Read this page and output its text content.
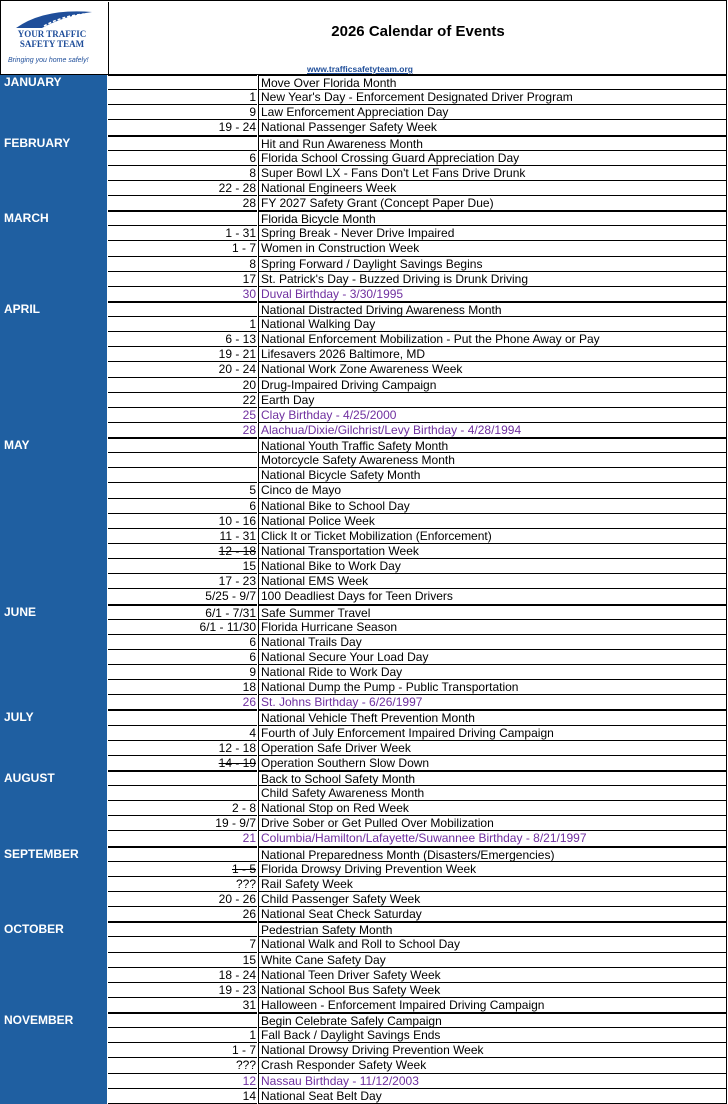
YOUR TRAFFIC SAFETY TEAM
Bringing you home safely!
2026 Calendar of Events
www.trafficsafetyteam.org
JANUARY	Move Over Florida Month
1 New Year's Day - Enforcement Designated Driver Program
9 Law Enforcement Appreciation Day
19 - 24 National Passenger Safety Week
FEBRUARY	Hit and Run Awareness Month
6 Florida School Crossing Guard Appreciation Day
8 Super Bowl LX - Fans Don't Let Fans Drive Drunk
22 - 28 National Engineers Week
28 FY 2027 Safety Grant (Concept Paper Due)
MARCH	Florida Bicycle Month
1 - 31 Spring Break - Never Drive Impaired
1 - 7 Women in Construction Week
8 Spring Forward / Daylight Savings Begins
17 St. Patrick's Day - Buzzed Driving is Drunk Driving
30 Duval Birthday - 3/30/1995
APRIL	National Distracted Driving Awareness Month
1 National Walking Day
6 - 13 National Enforcement Mobilization - Put the Phone Away or Pay
19 - 21 Lifesavers 2026 Baltimore, MD
20 - 24 National Work Zone Awareness Week
20 Drug-Impaired Driving Campaign
22 Earth Day
25 Clay Birthday - 4/25/2000
28 Alachua/Dixie/Gilchrist/Levy Birthday - 4/28/1994
MAY	National Youth Traffic Safety Month
Motorcycle Safety Awareness Month
National Bicycle Safety Month
5 Cinco de Mayo
6 National Bike to School Day
10 - 16 National Police Week
11 - 31 Click It or Ticket Mobilization (Enforcement)
12 - 18 National Transportation Week
15 National Bike to Work Day
17 - 23 National EMS Week
5/25 - 9/7 100 Deadliest Days for Teen Drivers
JUNE	6/1 - 7/31 Safe Summer Travel
6/1 - 11/30 Florida Hurricane Season
6 National Trails Day
6 National Secure Your Load Day
9 National Ride to Work Day
18 National Dump the Pump - Public Transportation
26 St. Johns Birthday - 6/26/1997
JULY	National Vehicle Theft Prevention Month
4 Fourth of July Enforcement Impaired Driving Campaign
12 - 18 Operation Safe Driver Week
14 - 19 Operation Southern Slow Down
AUGUST	Back to School Safety Month
Child Safety Awareness Month
2 - 8 National Stop on Red Week
19 - 9/7 Drive Sober or Get Pulled Over Mobilization
21 Columbia/Hamilton/Lafayette/Suwannee Birthday - 8/21/1997
SEPTEMBER	National Preparedness Month (Disasters/Emergencies)
1 - 5 Florida Drowsy Driving Prevention Week
??? Rail Safety Week
20 - 26 Child Passenger Safety Week
26 National Seat Check Saturday
OCTOBER	Pedestrian Safety Month
7 National Walk and Roll to School Day
15 White Cane Safety Day
18 - 24 National Teen Driver Safety Week
19 - 23 National School Bus Safety Week
31 Halloween - Enforcement Impaired Driving Campaign
NOVEMBER	Begin Celebrate Safely Campaign
1 Fall Back / Daylight Savings Ends
1 - 7 National Drowsy Driving Prevention Week
??? Crash Responder Safety Week
12 Nassau Birthday - 11/12/2003
14 National Seat Belt Day
